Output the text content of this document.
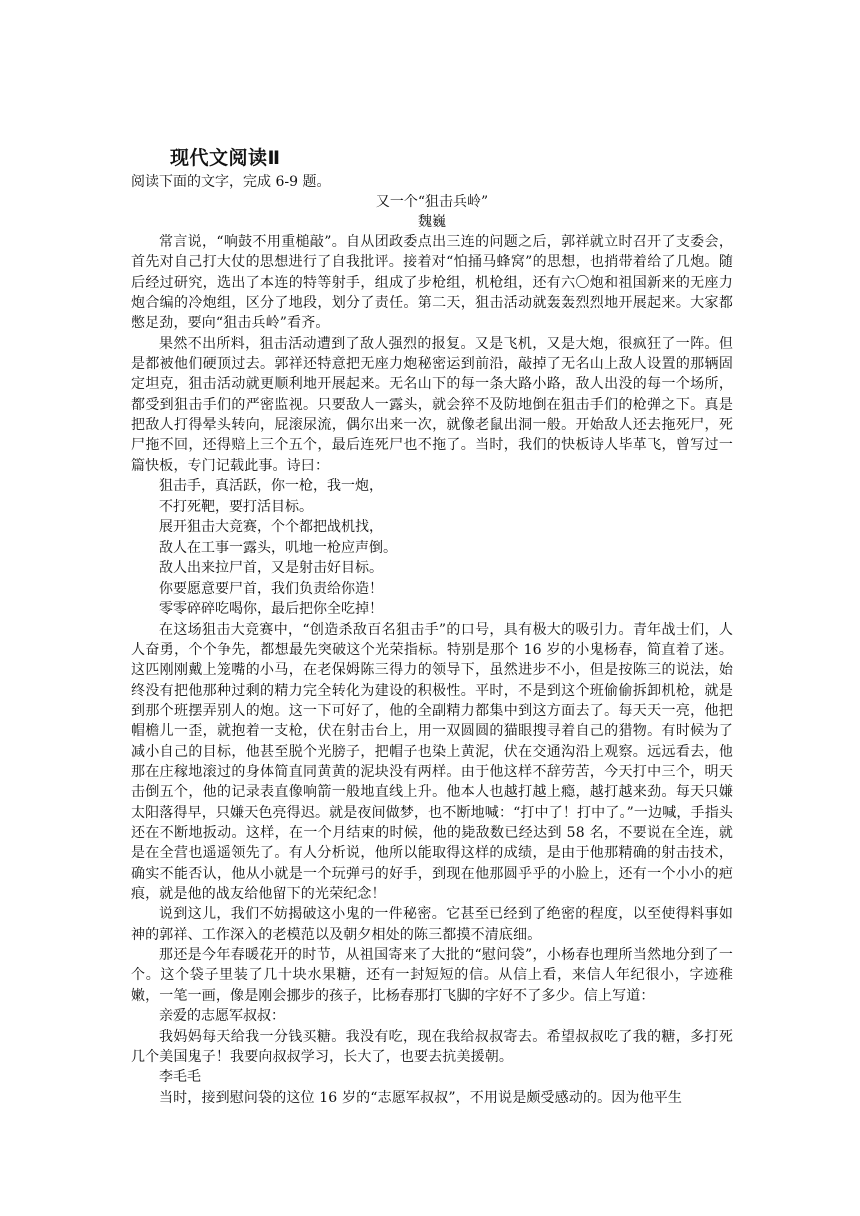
现代文阅读Ⅱ
阅读下面的文字，完成 6-9 题。
又一个“狙击兵岭”
魏巍

常言说，“响鼓不用重槌敲”。自从团政委点出三连的问题之后，郭祥就立时召开了支委会，首先对自己打大仗的思想进行了自我批评。接着对“怕捅马蜂窝”的思想，也捎带着给了几炮。随后经过研究，选出了本连的特等射手，组成了步枪组，机枪组，还有六〇炮和祖国新来的无座力炮合编的冷炮组，区分了地段，划分了责任。第二天，狙击活动就轰轰烈烈地开展起来。大家都憋足劲，要向“狙击兵岭”看齐。

果然不出所料，狙击活动遭到了敌人强烈的报复。又是飞机，又是大炮，很疯狂了一阵。但是都被他们硬顶过去。郭祥还特意把无座力炮秘密运到前沿，敲掉了无名山上敌人设置的那辆固定坦克，狙击活动就更顺利地开展起来。无名山下的每一条大路小路，敌人出没的每一个场所，都受到狙击手们的严密监视。只要敌人一露头，就会猝不及防地倒在狙击手们的枪弹之下。真是把敌人打得晕头转向，屁滚尿流，偶尔出来一次，就像老鼠出洞一般。开始敌人还去拖死尸，死尸拖不回，还得赔上三个五个，最后连死尸也不拖了。当时，我们的快板诗人毕革飞，曾写过一篇快板，专门记载此事。诗曰：

狙击手，真活跃，你一枪，我一炮，
不打死靶，要打活目标。
展开狙击大竞赛，个个都把战机找，
敌人在工事一露头，叽地一枪应声倒。
敌人出来拉尸首，又是射击好目标。
你要愿意要尸首，我们负责给你造！
零零碎碎吃喝你，最后把你全吃掉！

在这场狙击大竞赛中，“创造杀敌百名狙击手”的口号，具有极大的吸引力。青年战士们，人人奋勇，个个争先，都想最先突破这个光荣指标。特别是那个 16 岁的小鬼杨春，简直着了迷。这匹刚刚戴上笼嘴的小马，在老保姆陈三得力的领导下，虽然进步不小，但是按陈三的说法，始终没有把他那种过剩的精力完全转化为建设的积极性。平时，不是到这个班偷偷拆卸机枪，就是到那个班摆弄别人的炮。这一下可好了，他的全副精力都集中到这方面去了。每天天一亮，他把帽檐儿一歪，就抱着一支枪，伏在射击台上，用一双圆圆的猫眼搜寻着自己的猎物。有时候为了减小自己的目标，他甚至脱个光膀子，把帽子也染上黄泥，伏在交通沟沿上观察。远远看去，他那在庄稼地滚过的身体简直同黄黄的泥块没有两样。由于他这样不辞劳苦，今天打中三个，明天击倒五个，他的记录表直像响箭一般地直线上升。他本人也越打越上瘾，越打越来劲。每天只嫌太阳落得早，只嫌天色亮得迟。就是夜间做梦，也不断地喊：“打中了！打中了。”一边喊，手指头还在不断地扳动。这样，在一个月结束的时候，他的毙敌数已经达到 58 名，不要说在全连，就是在全营也遥遥领先了。有人分析说，他所以能取得这样的成绩，是由于他那精确的射击技术，确实不能否认，他从小就是一个玩弹弓的好手，到现在他那圆乎乎的小脸上，还有一个小小的疤痕，就是他的战友给他留下的光荣纪念！

说到这儿，我们不妨揭破这小鬼的一件秘密。它甚至已经到了绝密的程度，以至使得料事如神的郭祥、工作深入的老模范以及朝夕相处的陈三都摸不清底细。

那还是今年春暖花开的时节，从祖国寄来了大批的“慰问袋”，小杨春也理所当然地分到了一个。这个袋子里装了几十块水果糖，还有一封短短的信。从信上看，来信人年纪很小，字迹稚嫩，一笔一画，像是刚会挪步的孩子，比杨春那打飞脚的字好不了多少。信上写道：

亲爱的志愿军叔叔：

我妈妈每天给我一分钱买糖。我没有吃，现在我给叔叔寄去。希望叔叔吃了我的糖，多打死几个美国鬼子！我要向叔叔学习，长大了，也要去抗美援朝。

李毛毛

当时，接到慰问袋的这位 16 岁的“志愿军叔叔”，不用说是颇受感动的。因为他平生
